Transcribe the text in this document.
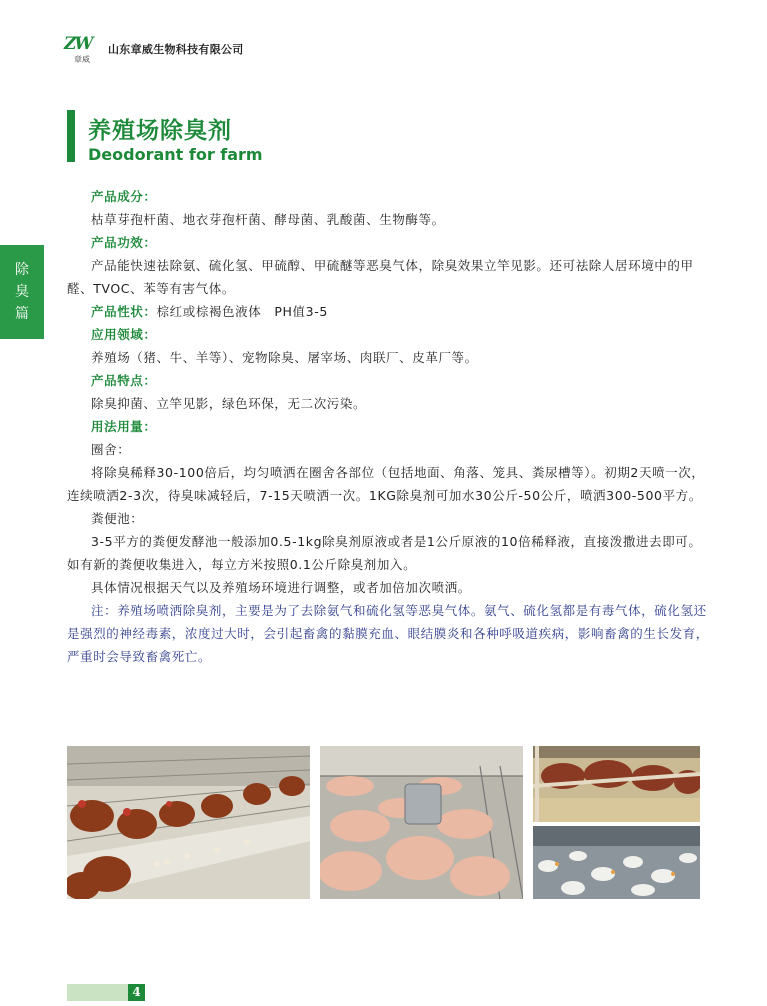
ZW
章威
山东章威生物科技有限公司
养殖场除臭剂
Deodorant for farm
除
臭
篇

产品成分：

枯草芽孢杆菌、地衣芽孢杆菌、酵母菌、乳酸菌、生物酶等。

产品功效：

产品能快速祛除氨、硫化氢、甲硫醇、甲硫醚等恶臭气体，除臭效果立竿见影。还可祛除人居环境中的甲醛、TVOC、苯等有害气体。

产品性状：棕红或棕褐色液体　PH值3-5

应用领域：

养殖场（猪、牛、羊等）、宠物除臭、屠宰场、肉联厂、皮革厂等。

产品特点：

除臭抑菌、立竿见影，绿色环保，无二次污染。

用法用量：

圈舍：

将除臭稀释30-100倍后，均匀喷洒在圈舍各部位（包括地面、角落、笼具、粪尿槽等）。初期2天喷一次，连续喷洒2-3次，待臭味减轻后，7-15天喷洒一次。1KG除臭剂可加水30公斤-50公斤，喷洒300-500平方。

粪便池：

3-5平方的粪便发酵池一般添加0.5-1kg除臭剂原液或者是1公斤原液的10倍稀释液，直接泼撒进去即可。如有新的粪便收集进入，每立方米按照0.1公斤除臭剂加入。

具体情况根据天气以及养殖场环境进行调整，或者加倍加次喷洒。

注：养殖场喷洒除臭剂，主要是为了去除氨气和硫化氢等恶臭气体。氨气、硫化氢都是有毒气体，硫化氢还是强烈的神经毒素，浓度过大时，会引起畜禽的黏膜充血、眼结膜炎和各种呼吸道疾病，影响畜禽的生长发育，严重时会导致畜禽死亡。

4
